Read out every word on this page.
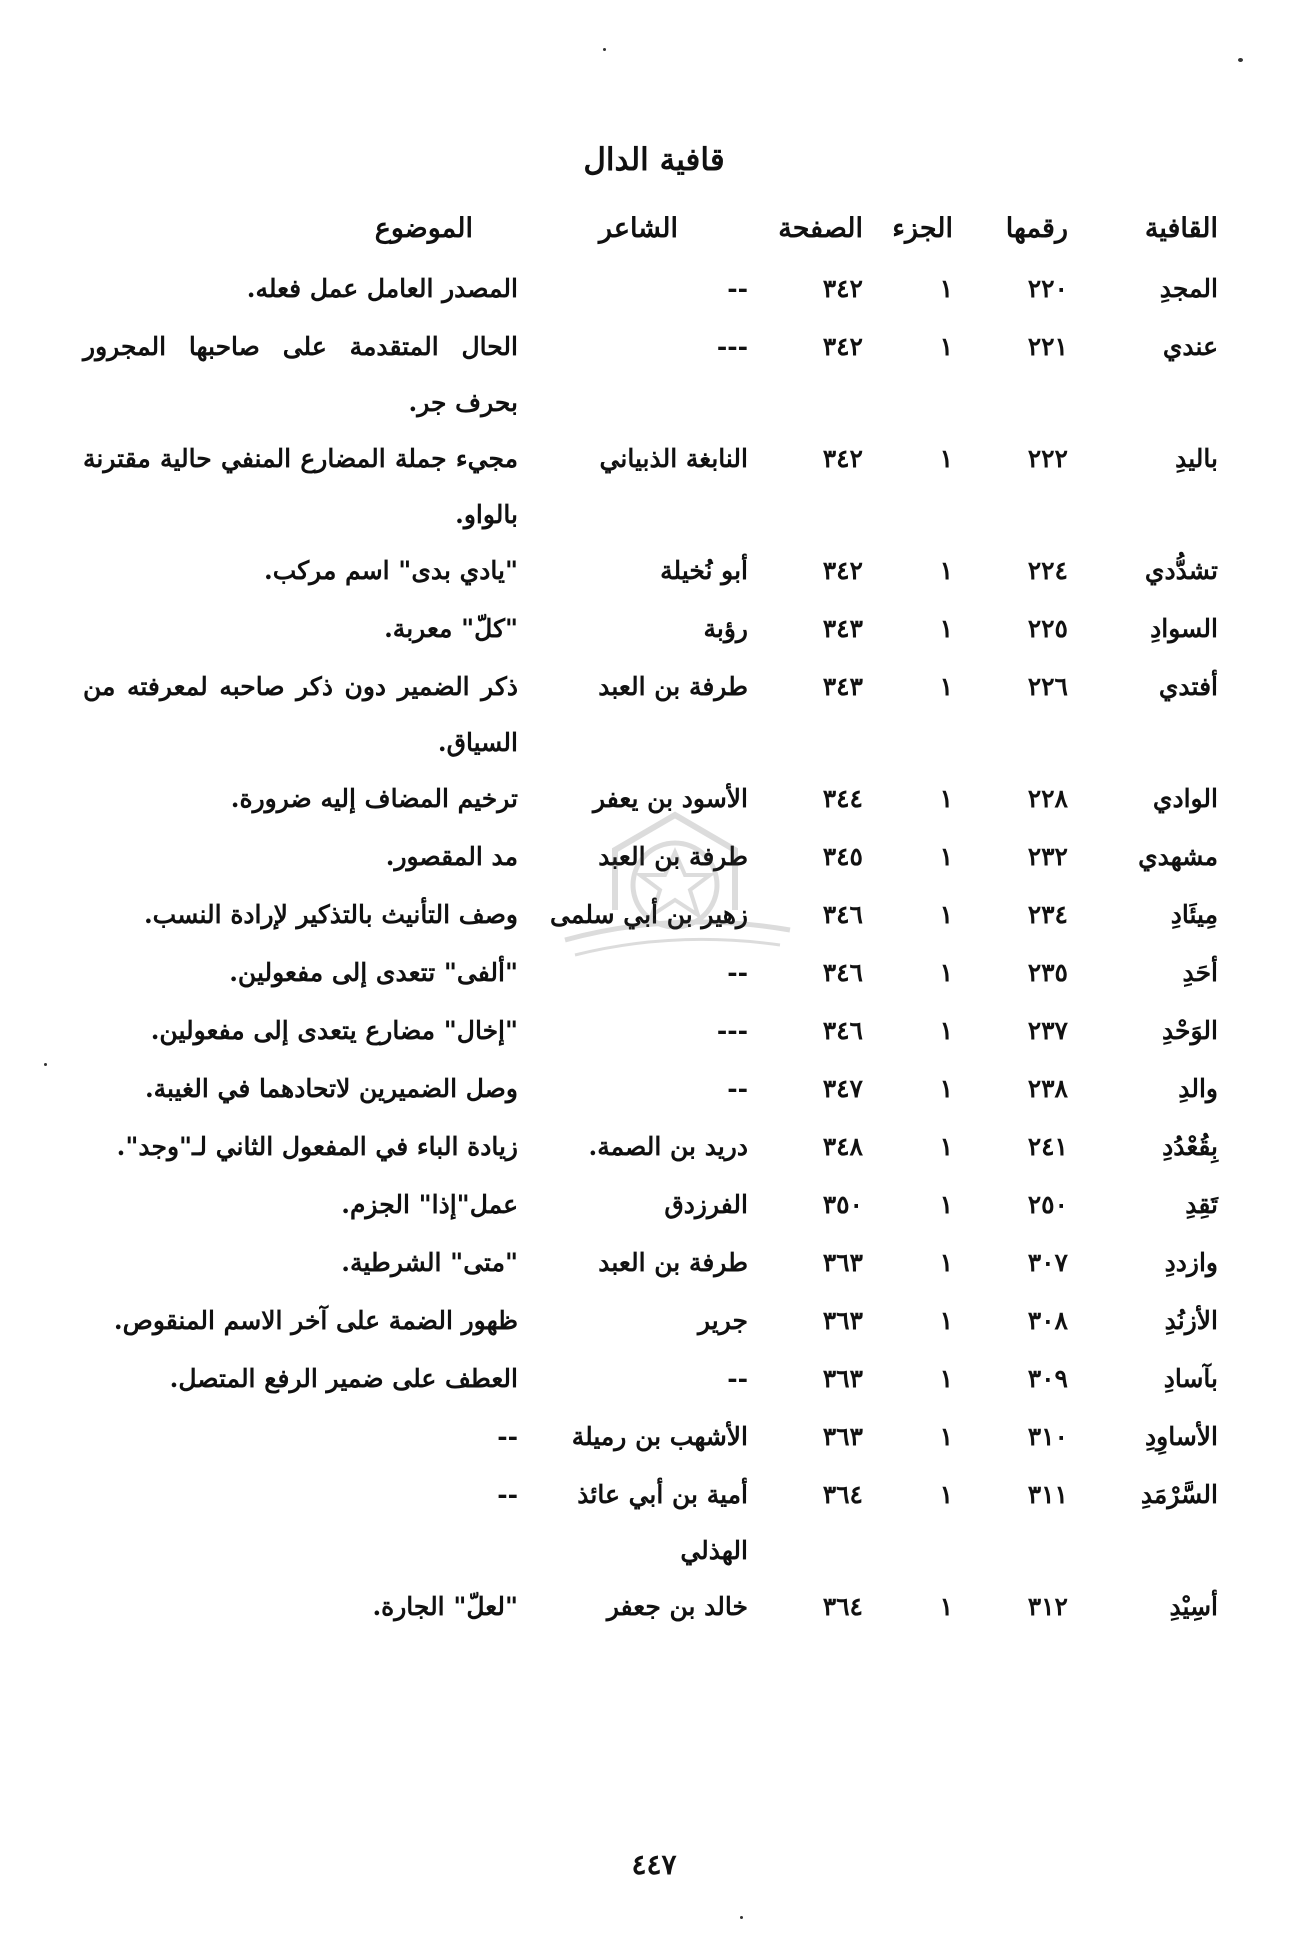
قافية الدال
القافية	رقمها	الجزء	الصفحة	الشاعر	الموضوع
المجدِ	٢٢٠	١	٣٤٢	--	المصدر العامل عمل فعله.
عندي	٢٢١	١	٣٤٢	---	الحال المتقدمة على صاحبها المجرور بحرف جر.
باليدِ	٢٢٢	١	٣٤٢	النابغة الذبياني	مجيء جملة المضارع المنفي حالية مقترنة بالواو.
تشدُّدي	٢٢٤	١	٣٤٢	أبو نُخيلة	"يادي بدى" اسم مركب.
السوادِ	٢٢٥	١	٣٤٣	رؤبة	"كلّ" معربة.
أفتدي	٢٢٦	١	٣٤٣	طرفة بن العبد	ذكر الضمير دون ذكر صاحبه لمعرفته من السياق.
الوادي	٢٢٨	١	٣٤٤	الأسود بن يعفر	ترخيم المضاف إليه ضرورة.
مشهدي	٢٣٢	١	٣٤٥	طرفة بن العبد	مد المقصور.
مِيئَادِ	٢٣٤	١	٣٤٦	زهير بن أبي سلمى	وصف التأنيث بالتذكير لإرادة النسب.
أحَدِ	٢٣٥	١	٣٤٦	--	"ألفى" تتعدى إلى مفعولين.
الوَحْدِ	٢٣٧	١	٣٤٦	---	"إخال" مضارع يتعدى إلى مفعولين.
والدِ	٢٣٨	١	٣٤٧	--	وصل الضميرين لاتحادهما في الغيبة.
بِقُعْدُدِ	٢٤١	١	٣٤٨	دريد بن الصمة.	زيادة الباء في المفعول الثاني لـ"وجد".
تَقِدِ	٢٥٠	١	٣٥٠	الفرزدق	عمل"إذا" الجزم.
وازددِ	٣٠٧	١	٣٦٣	طرفة بن العبد	"متى" الشرطية.
الأزنُدِ	٣٠٨	١	٣٦٣	جرير	ظهور الضمة على آخر الاسم المنقوص.
بآسادِ	٣٠٩	١	٣٦٣	--	العطف على ضمير الرفع المتصل.
الأساوِدِ	٣١٠	١	٣٦٣	الأشهب بن رميلة	--
السَّرْمَدِ	٣١١	١	٣٦٤	أمية بن أبي عائذ الهذلي	--
أسِيْدِ	٣١٢	١	٣٦٤	خالد بن جعفر	"لعلّ" الجارة.
٤٤٧
